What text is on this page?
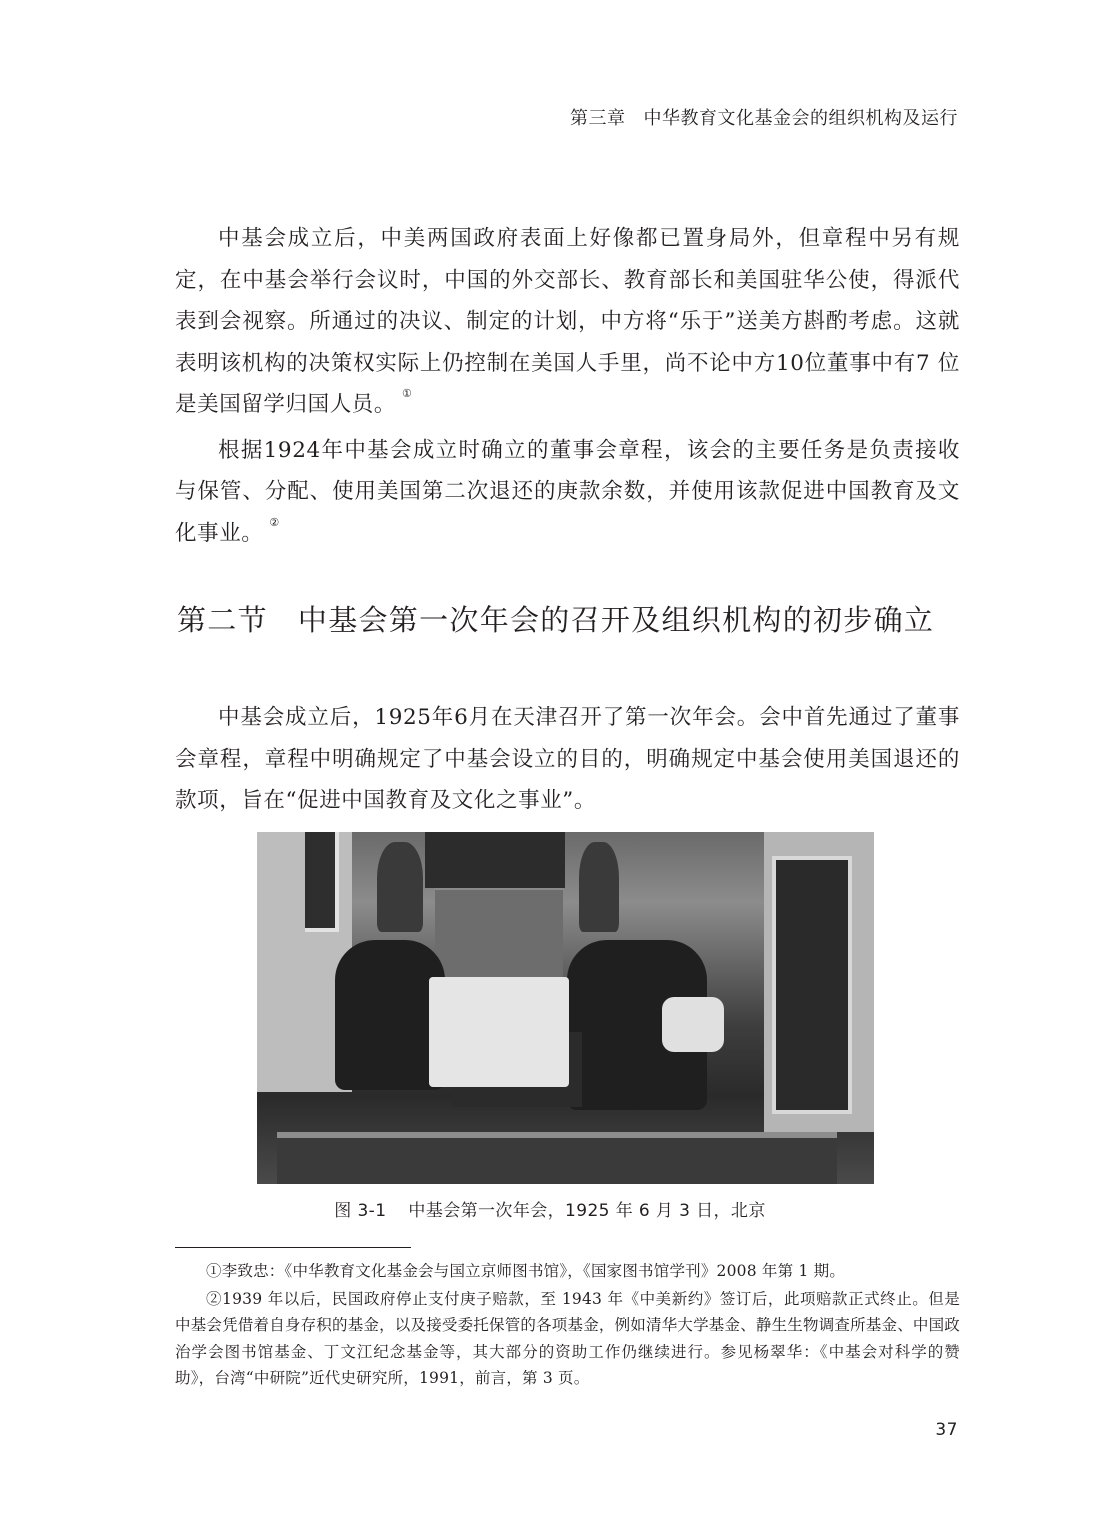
第三章 中华教育文化基金会的组织机构及运行

中基会成立后，中美两国政府表面上好像都已置身局外，但章程中另有规定，在中基会举行会议时，中国的外交部长、教育部长和美国驻华公使，得派代表到会视察。所通过的决议、制定的计划，中方将“乐于”送美方斟酌考虑。这就表明该机构的决策权实际上仍控制在美国人手里，尚不论中方10位董事中有7 位是美国留学归国人员。 ①

根据1924年中基会成立时确立的董事会章程，该会的主要任务是负责接收与保管、分配、使用美国第二次退还的庚款余数，并使用该款促进中国教育及文化事业。 ②

第二节 中基会第一次年会的召开及组织机构的初步确立

中基会成立后，1925年6月在天津召开了第一次年会。会中首先通过了董事会章程，章程中明确规定了中基会设立的目的，明确规定中基会使用美国退还的款项，旨在“促进中国教育及文化之事业”。

图 3-1 中基会第一次年会，1925 年 6 月 3 日，北京

①李致忠：《中华教育文化基金会与国立京师图书馆》，《国家图书馆学刊》2008 年第 1 期。

②1939 年以后，民国政府停止支付庚子赔款，至 1943 年《中美新约》签订后，此项赔款正式终止。但是中基会凭借着自身存积的基金，以及接受委托保管的各项基金，例如清华大学基金、静生生物调查所基金、中国政治学会图书馆基金、丁文江纪念基金等，其大部分的资助工作仍继续进行。参见杨翠华：《中基会对科学的赞助》，台湾“中研院”近代史研究所，1991，前言，第 3 页。

37
